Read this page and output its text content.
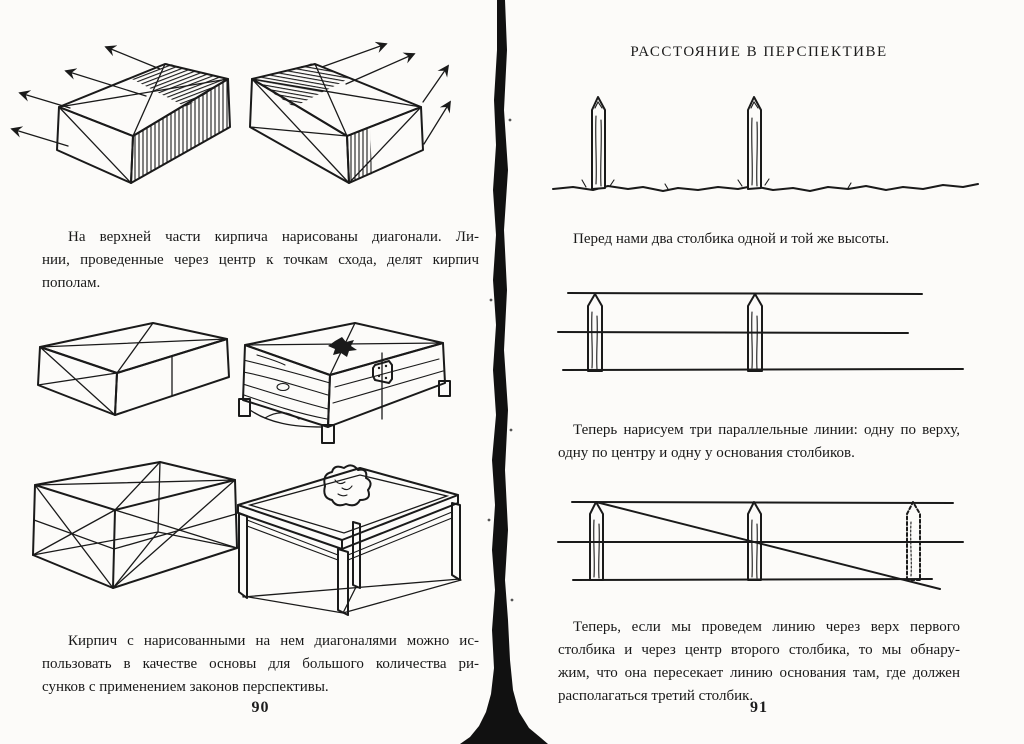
На верхней части кирпича нарисованы диагонали. Ли-
нии, проведенные через центр к точкам схода, делят кирпич
пополам.
Кирпич с нарисованными на нем диагоналями можно ис-
пользовать в качестве основы для большого количества ри-
сунков с применением законов перспективы.
90
РАССТОЯНИЕ В ПЕРСПЕКТИВЕ
Перед нами два столбика одной и той же высоты.
Теперь нарисуем три параллельные линии: одну по верху,
одну по центру и одну у основания столбиков.
Теперь, если мы проведем линию через верх первого
столбика и через центр второго столбика, то мы обнару-
жим, что она пересекает линию основания там, где должен
располагаться третий столбик.
91
